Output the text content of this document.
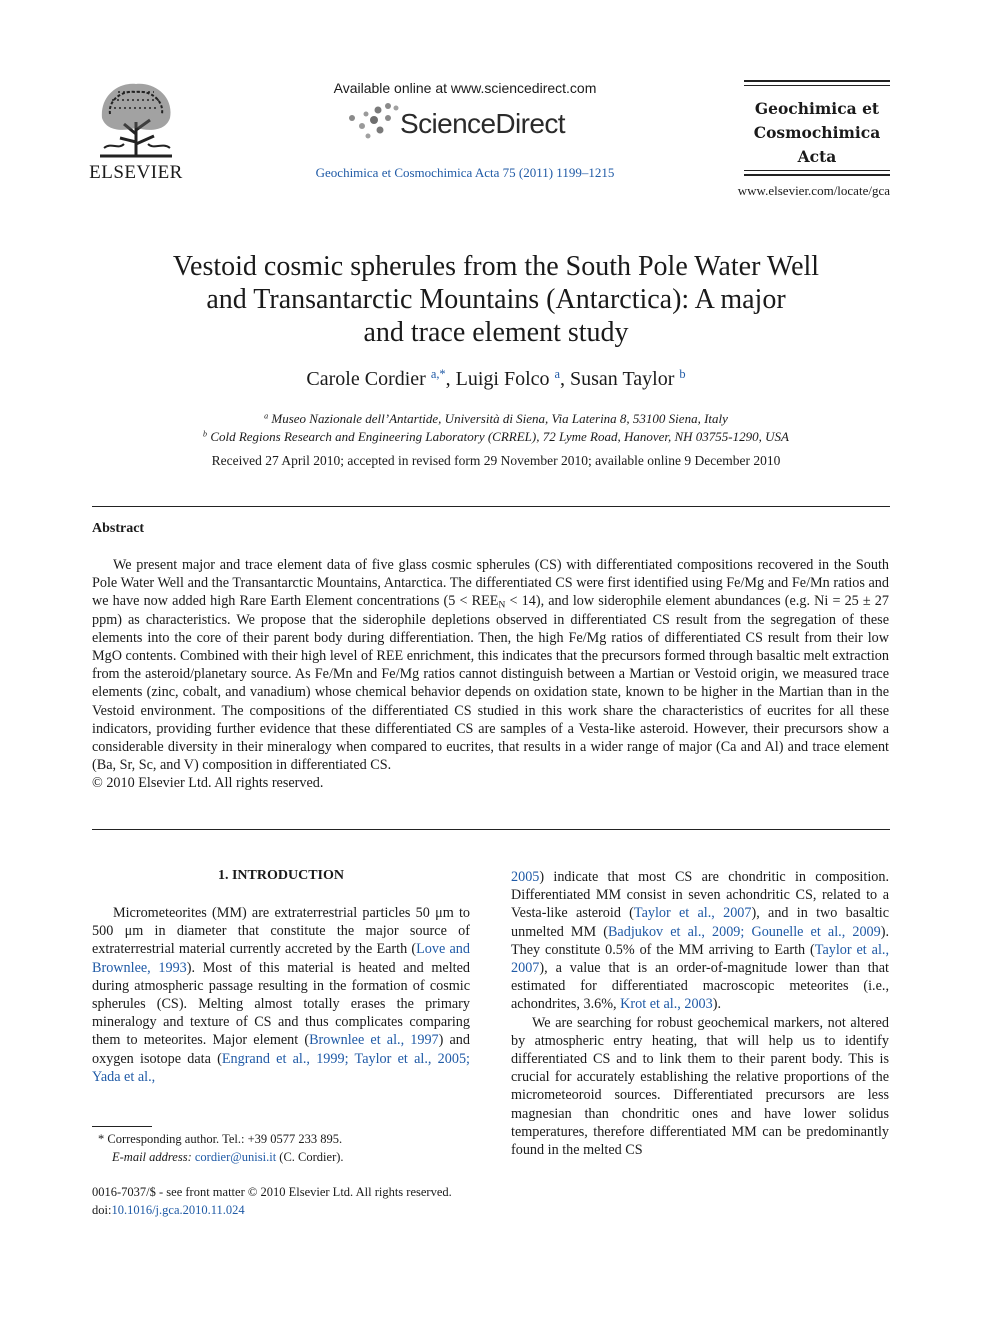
ELSEVIER
Available online at www.sciencedirect.com
ScienceDirect
Geochimica et Cosmochimica Acta 75 (2011) 1199–1215
Geochimica et
Cosmochimica
Acta
www.elsevier.com/locate/gca
Vestoid cosmic spherules from the South Pole Water Well
and Transantarctic Mountains (Antarctica): A major
and trace element study
Carole Cordier $^{a,*}$, Luigi Folco $^a$, Susan Taylor $^b$
$^a$ Museo Nazionale dell’Antartide, Università di Siena, Via Laterina 8, 53100 Siena, Italy
$^b$ Cold Regions Research and Engineering Laboratory (CRREL), 72 Lyme Road, Hanover, NH 03755-1290, USA
Received 27 April 2010; accepted in revised form 29 November 2010; available online 9 December 2010
Abstract

We present major and trace element data of five glass cosmic spherules (CS) with differentiated compositions recovered in the South Pole Water Well and the Transantarctic Mountains, Antarctica. The differentiated CS were first identified using Fe/Mg and Fe/Mn ratios and we have now added high Rare Earth Element concentrations $(5 < REE_N < 14)$, and low siderophile element abundances (e.g. Ni = 25 ± 27 ppm) as characteristics. We propose that the siderophile depletions observed in differentiated CS result from the segregation of these elements into the core of their parent body during differentiation. Then, the high Fe/Mg ratios of differentiated CS result from their low MgO contents. Combined with their high level of REE enrichment, this indicates that the precursors formed through basaltic melt extraction from the asteroid/planetary source. As Fe/Mn and Fe/Mg ratios cannot distinguish between a Martian or Vestoid origin, we measured trace elements (zinc, cobalt, and vanadium) whose chemical behavior depends on oxidation state, known to be higher in the Martian than in the Vestoid environment. The compositions of the differentiated CS studied in this work share the characteristics of eucrites for all these indicators, providing further evidence that these differentiated CS are samples of a Vesta-like asteroid. However, their precursors show a considerable diversity in their mineralogy when compared to eucrites, that results in a wider range of major (Ca and Al) and trace element (Ba, Sr, Sc, and V) composition in differentiated CS.

© 2010 Elsevier Ltd. All rights reserved.

1. INTRODUCTION
Micrometeorites (MM) are extraterrestrial particles 50 μm to 500 μm in diameter that constitute the major source of extraterrestrial material currently accreted by the Earth (Love and Brownlee, 1993). Most of this material is heated and melted during atmospheric passage resulting in the formation of cosmic spherules (CS). Melting almost totally erases the primary mineralogy and texture of CS and thus complicates comparing them to meteorites. Major element (Brownlee et al., 1997) and oxygen isotope data (Engrand et al., 1999; Taylor et al., 2005; Yada et al.,

2005) indicate that most CS are chondritic in composition. Differentiated MM consist in seven achondritic CS, related to a Vesta-like asteroid (Taylor et al., 2007), and in two basaltic unmelted MM (Badjukov et al., 2009; Gounelle et al., 2009). They constitute 0.5% of the MM arriving to Earth (Taylor et al., 2007), a value that is an order-of-magnitude lower than that estimated for differentiated macroscopic meteorites (i.e., achondrites, 3.6%, Krot et al., 2003).

We are searching for robust geochemical markers, not altered by atmospheric entry heating, that will help us to identify differentiated CS and to link them to their parent body. This is crucial for accurately establishing the relative proportions of the micrometeoroid sources. Differentiated precursors are less magnesian than chondritic ones and have lower solidus temperatures, therefore differentiated MM can be predominantly found in the melted CS

* Corresponding author. Tel.: +39 0577 233 895.
E-mail address: cordier@unisi.it (C. Cordier).
0016-7037/$ - see front matter © 2010 Elsevier Ltd. All rights reserved.
doi:10.1016/j.gca.2010.11.024
